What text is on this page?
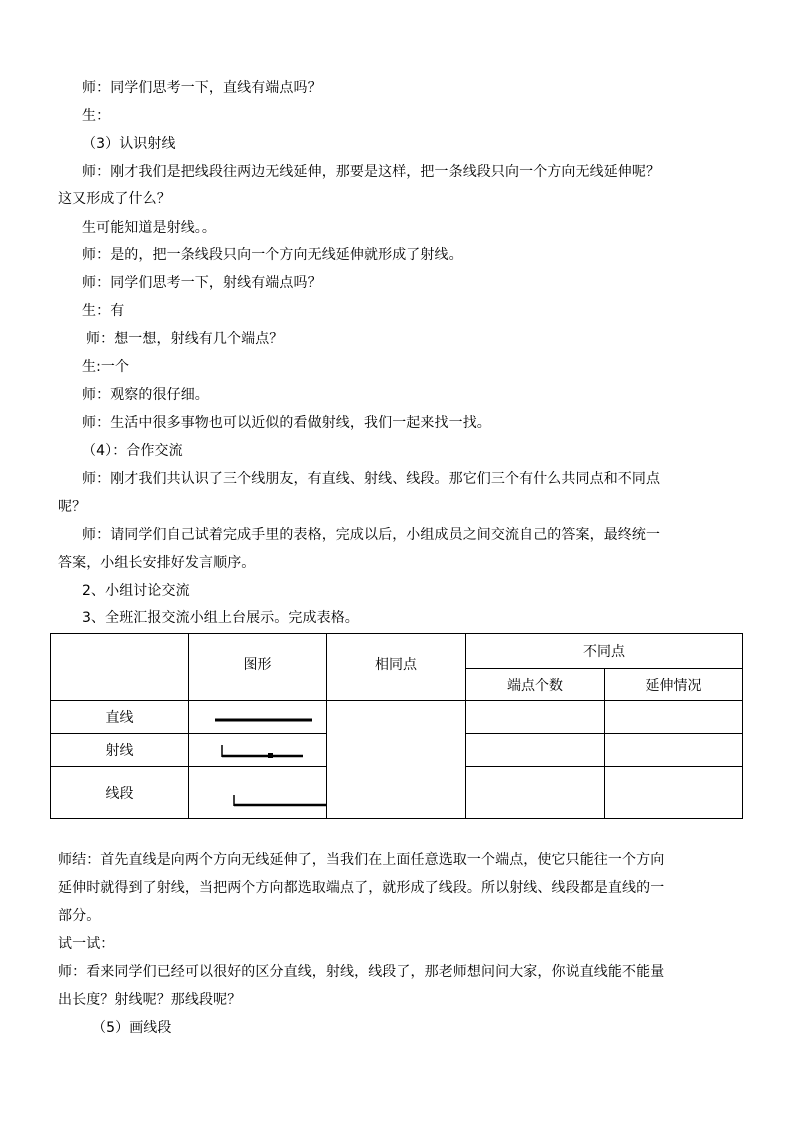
师：同学们思考一下，直线有端点吗？
生：
（3）认识射线
师：刚才我们是把线段往两边无线延伸，那要是这样，把一条线段只向一个方向无线延伸呢？
这又形成了什么？
生可能知道是射线。。
师：是的，把一条线段只向一个方向无线延伸就形成了射线。
师：同学们思考一下，射线有端点吗？
生：有
师：想一想，射线有几个端点？
生:一个
师：观察的很仔细。
师：生活中很多事物也可以近似的看做射线，我们一起来找一找。
（4）：合作交流
师：刚才我们共认识了三个线朋友，有直线、射线、线段。那它们三个有什么共同点和不同点
呢？
师：请同学们自己试着完成手里的表格，完成以后，小组成员之间交流自己的答案，最终统一
答案，小组长安排好发言顺序。
2、小组讨论交流
3、全班汇报交流小组上台展示。完成表格。
图形	相同点
不同点
端点个数	延伸情况
直线
射线
线段
师结：首先直线是向两个方向无线延伸了，当我们在上面任意选取一个端点，使它只能往一个方向
延伸时就得到了射线，当把两个方向都选取端点了，就形成了线段。所以射线、线段都是直线的一
部分。
试一试：
师：看来同学们已经可以很好的区分直线，射线，线段了，那老师想问问大家，你说直线能不能量
出长度？射线呢？那线段呢？
（5）画线段
